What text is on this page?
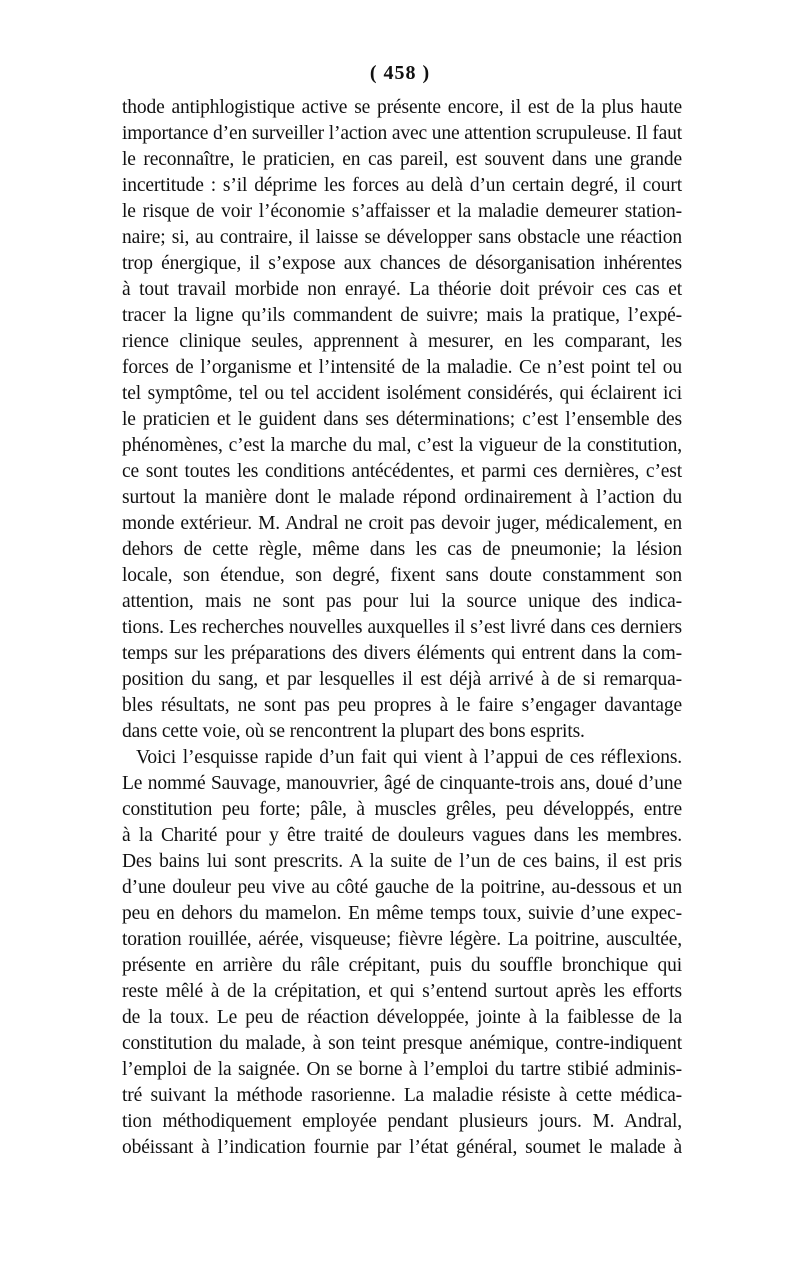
( 458 )
thode antiphlogistique active se présente encore, il est de la plus haute
importance d’en surveiller l’action avec une attention scrupuleuse. Il faut
le reconnaître, le praticien, en cas pareil, est souvent dans une grande
incertitude : s’il déprime les forces au delà d’un certain degré, il court
le risque de voir l’économie s’affaisser et la maladie demeurer station-
naire; si, au contraire, il laisse se développer sans obstacle une réaction
trop énergique, il s’expose aux chances de désorganisation inhérentes
à tout travail morbide non enrayé. La théorie doit prévoir ces cas et
tracer la ligne qu’ils commandent de suivre; mais la pratique, l’expé-
rience clinique seules, apprennent à mesurer, en les comparant, les
forces de l’organisme et l’intensité de la maladie. Ce n’est point tel ou
tel symptôme, tel ou tel accident isolément considérés, qui éclairent ici
le praticien et le guident dans ses déterminations; c’est l’ensemble des
phénomènes, c’est la marche du mal, c’est la vigueur de la constitution,
ce sont toutes les conditions antécédentes, et parmi ces dernières, c’est
surtout la manière dont le malade répond ordinairement à l’action du
monde extérieur. M. Andral ne croit pas devoir juger, médicalement, en
dehors de cette règle, même dans les cas de pneumonie; la lésion
locale, son étendue, son degré, fixent sans doute constamment son
attention, mais ne sont pas pour lui la source unique des indica-
tions. Les recherches nouvelles auxquelles il s’est livré dans ces derniers
temps sur les préparations des divers éléments qui entrent dans la com-
position du sang, et par lesquelles il est déjà arrivé à de si remarqua-
bles résultats, ne sont pas peu propres à le faire s’engager davantage
dans cette voie, où se rencontrent la plupart des bons esprits.
Voici l’esquisse rapide d’un fait qui vient à l’appui de ces réflexions.
Le nommé Sauvage, manouvrier, âgé de cinquante-trois ans, doué d’une
constitution peu forte; pâle, à muscles grêles, peu développés, entre
à la Charité pour y être traité de douleurs vagues dans les membres.
Des bains lui sont prescrits. A la suite de l’un de ces bains, il est pris
d’une douleur peu vive au côté gauche de la poitrine, au-dessous et un
peu en dehors du mamelon. En même temps toux, suivie d’une expec-
toration rouillée, aérée, visqueuse; fièvre légère. La poitrine, auscultée,
présente en arrière du râle crépitant, puis du souffle bronchique qui
reste mêlé à de la crépitation, et qui s’entend surtout après les efforts
de la toux. Le peu de réaction développée, jointe à la faiblesse de la
constitution du malade, à son teint presque anémique, contre-indiquent
l’emploi de la saignée. On se borne à l’emploi du tartre stibié adminis-
tré suivant la méthode rasorienne. La maladie résiste à cette médica-
tion méthodiquement employée pendant plusieurs jours. M. Andral,
obéissant à l’indication fournie par l’état général, soumet le malade à
